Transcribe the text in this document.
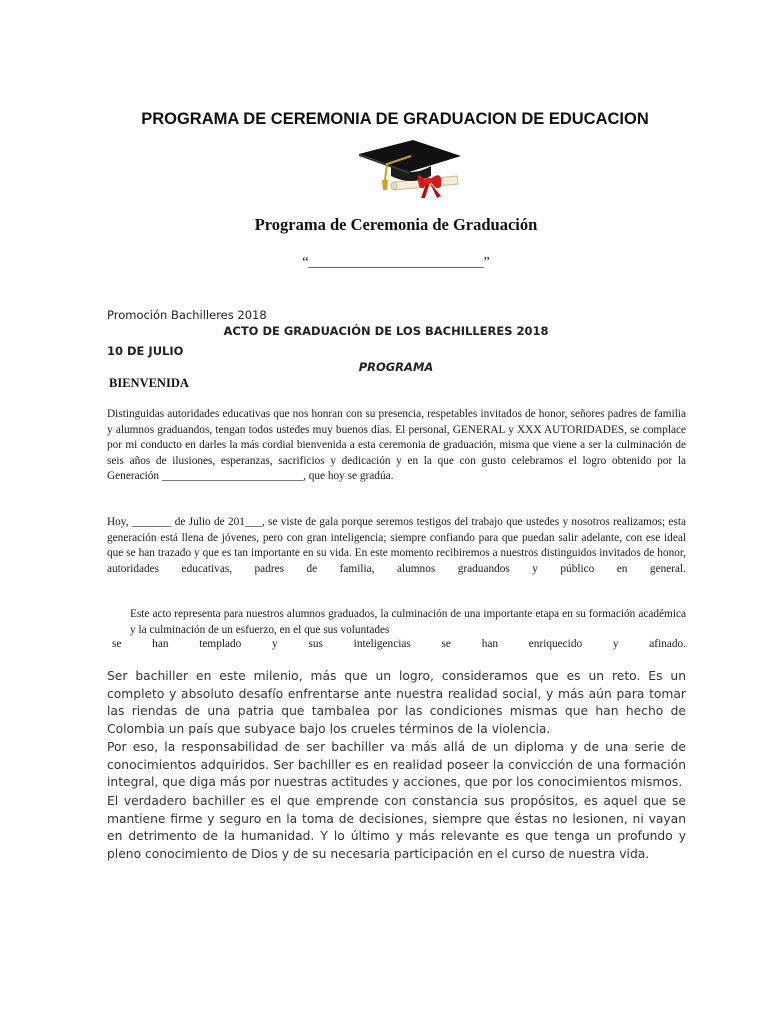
PROGRAMA DE CEREMONIA DE GRADUACION DE EDUCACION
Programa de Ceremonia de Graduación
“_________________________”
Promoción Bachilleres 2018
ACTO DE GRADUACIÓN DE LOS BACHILLERES 2018
10 DE JULIO
PROGRAMA
BIENVENIDA

Distinguidas autoridades educativas que nos honran con su presencia, respetables invitados de honor, señores padres de familia y alumnos graduandos, tengan todos ustedes muy buenos días. El personal, GENERAL y XXX AUTORIDADES, se complace por mi conducto en darles la más cordial bienvenida a esta ceremonia de graduación, misma que viene a ser la culminación de seis años de ilusiones, esperanzas, sacrificios y dedicación y en la que con gusto celebramos el logro obtenido por la Generación _________________________, que hoy se gradúa.

Hoy, _______ de Julio de 201___, se viste de gala porque seremos testigos del trabajo que ustedes y nosotros realizamos; esta generación está llena de jóvenes, pero con gran inteligencia; siempre confiando para que puedan salir adelante, con ese ideal que se han trazado y que es tan importante en su vida. En este momento recibiremos a nuestros distinguidos invitados de honor, autoridades educativas, padres de familia, alumnos graduandos y público en general.

Este acto representa para nuestros alumnos graduados, la culminación de una importante etapa en su formación académica y la culminación de un esfuerzo, en el que sus voluntades

se han templado y sus inteligencias se han enriquecido y afinado.

Ser bachiller en este milenio, más que un logro, consideramos que es un reto. Es un completo y absoluto desafío enfrentarse ante nuestra realidad social, y más aún para tomar las riendas de una patria que tambalea por las condiciones mismas que han hecho de Colombia un país que subyace bajo los crueles términos de la violencia.

Por eso, la responsabilidad de ser bachiller va más allá de un diploma y de una serie de conocimientos adquiridos. Ser bachiller es en realidad poseer la convicción de una formación integral, que diga más por nuestras actitudes y acciones, que por los conocimientos mismos.

El verdadero bachiller es el que emprende con constancia sus propósitos, es aquel que se mantiene firme y seguro en la toma de decisiones, siempre que éstas no lesionen, ni vayan en detrimento de la humanidad. Y lo último y más relevante es que tenga un profundo y pleno conocimiento de Dios y de su necesaria participación en el curso de nuestra vida.
